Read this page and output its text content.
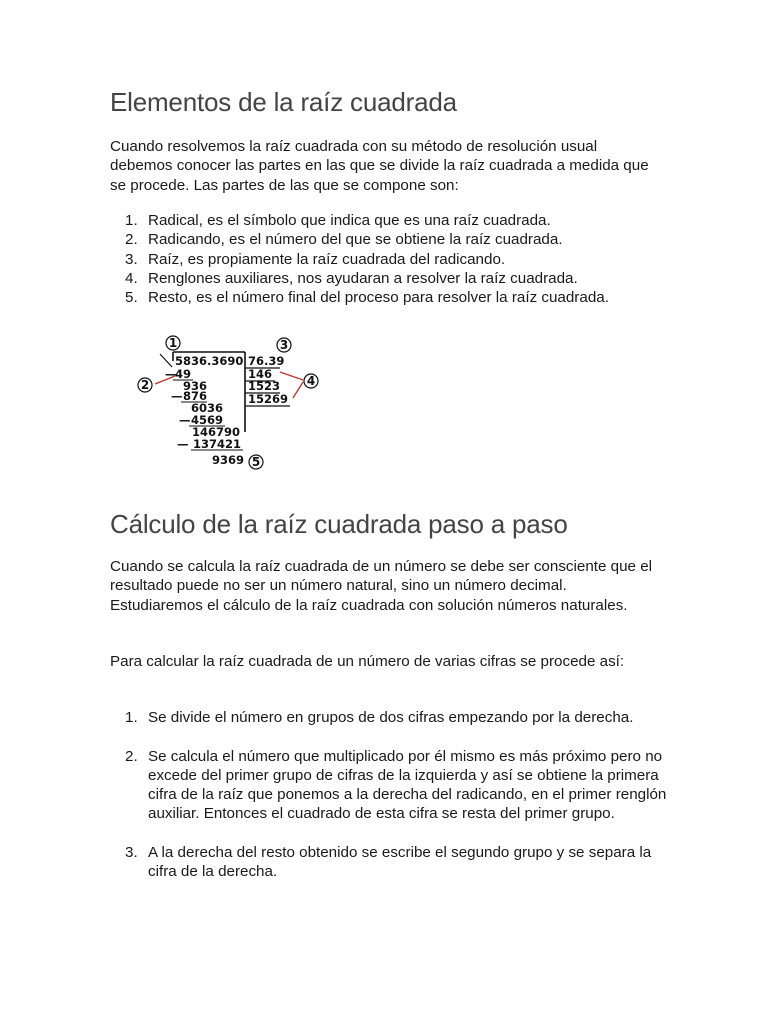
Elementos de la raíz cuadrada

Cuando resolvemos la raíz cuadrada con su método de resolución usual debemos conocer las partes en las que se divide la raíz cuadrada a medida que se procede. Las partes de las que se compone son:

1. Radical, es el símbolo que indica que es una raíz cuadrada.
2. Radicando, es el número del que se obtiene la raíz cuadrada.
3. Raíz, es propiamente la raíz cuadrada del radicando.
4. Renglones auxiliares, nos ayudaran a resolver la raíz cuadrada.
5. Resto, es el número final del proceso para resolver la raíz cuadrada.
Cálculo de la raíz cuadrada paso a paso

Cuando se calcula la raíz cuadrada de un número se debe ser consciente que el resultado puede no ser un número natural, sino un número decimal. Estudiaremos el cálculo de la raíz cuadrada con solución números naturales.

Para calcular la raíz cuadrada de un número de varias cifras se procede así:

1. Se divide el número en grupos de dos cifras empezando por la derecha.
2. Se calcula el número que multiplicado por él mismo es más próximo pero no excede del primer grupo de cifras de la izquierda y así se obtiene la primera cifra de la raíz que ponemos a la derecha del radicando, en el primer renglón auxiliar. Entonces el cuadrado de esta cifra se resta del primer grupo.
3. A la derecha del resto obtenido se escribe el segundo grupo y se separa la cifra de la derecha.
1
2
3
4
5
5836.3690 76.39
146
1523
15269
—
49
936
— 876
6036
— 4569
146790
— 137421
9369
